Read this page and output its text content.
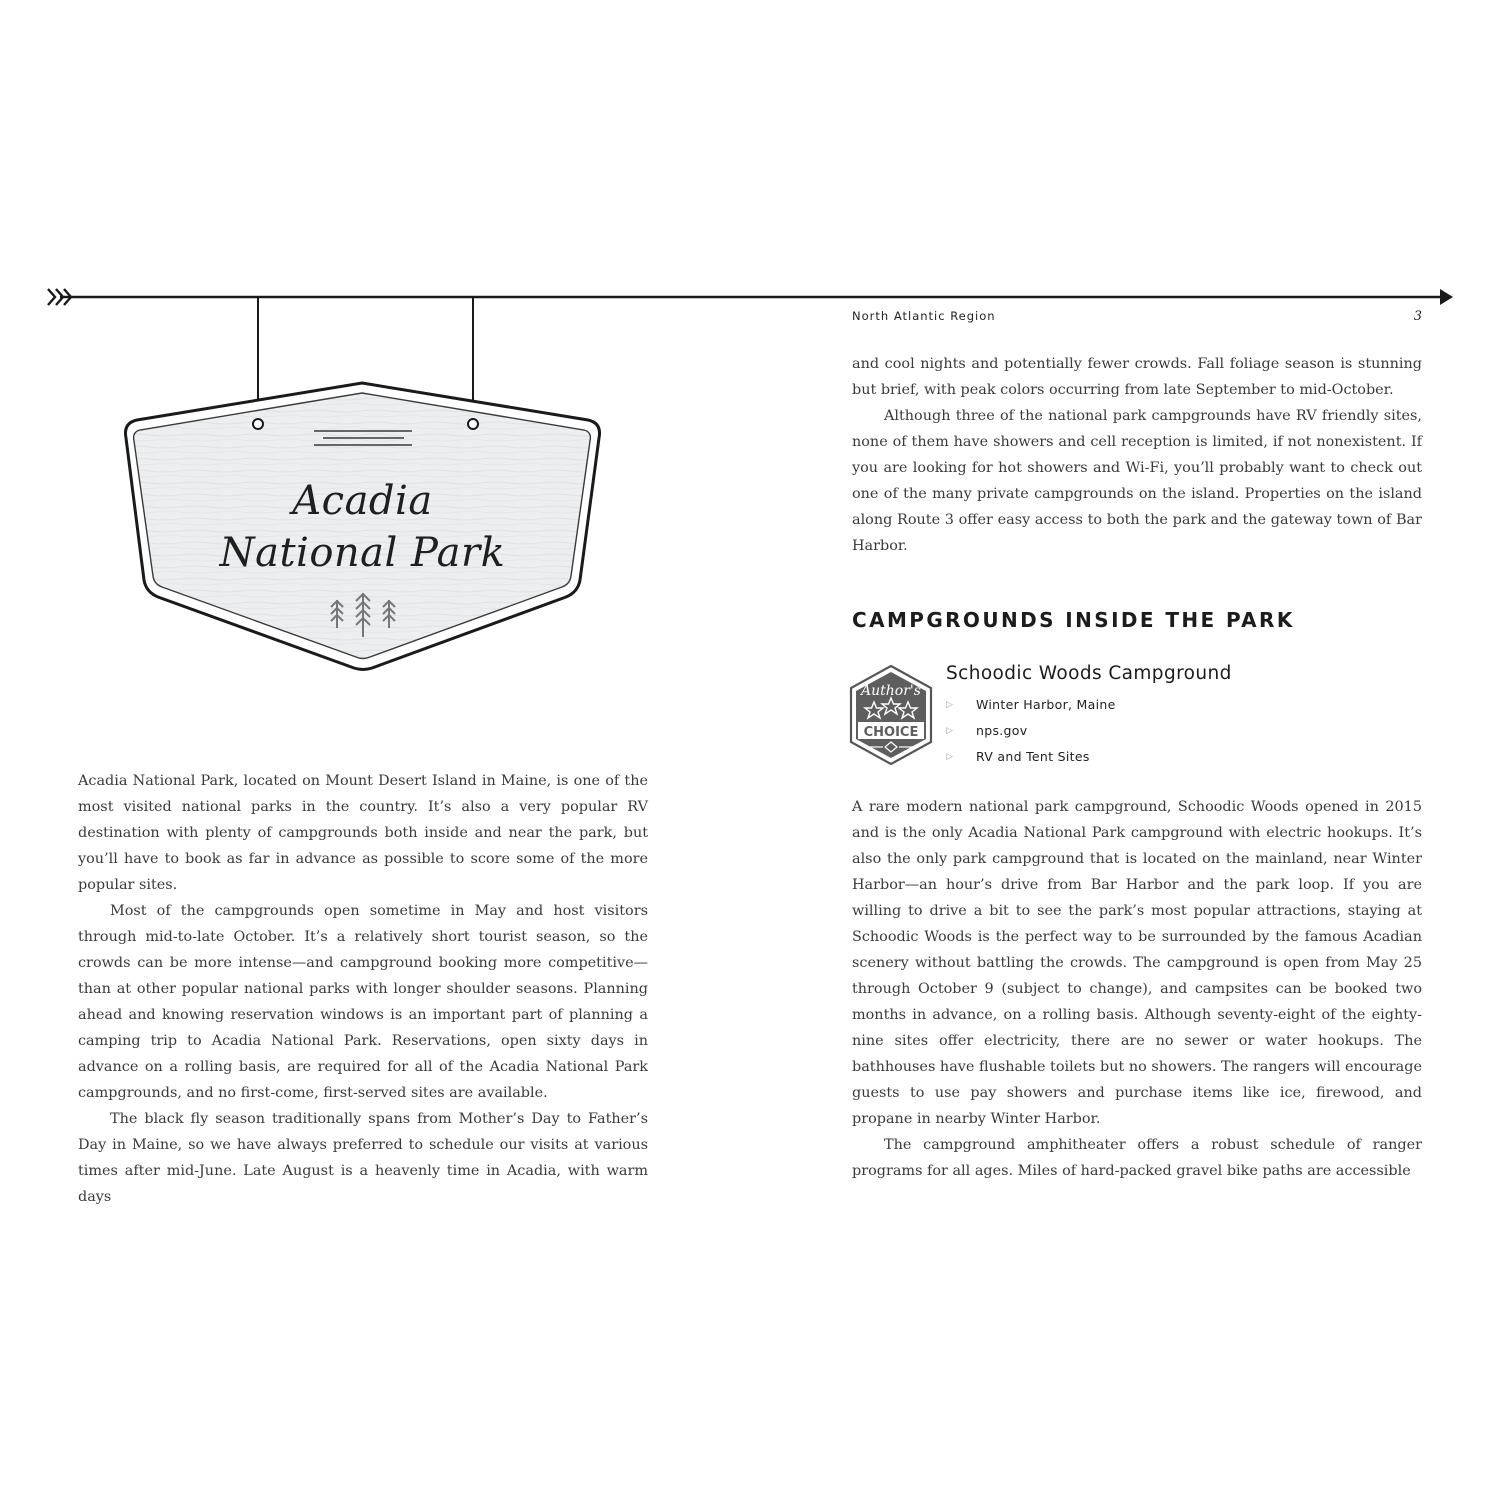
Acadia
National Park
North Atlantic Region	3

Acadia National Park, located on Mount Desert Island in Maine, is one of the most visited national parks in the country. It’s also a very popular RV destination with plenty of campgrounds both inside and near the park, but you’ll have to book as far in advance as possible to score some of the more popular sites.

Most of the campgrounds open sometime in May and host visitors through mid-to-late October. It’s a relatively short tourist season, so the crowds can be more intense—and campground booking more competitive—than at other popular national parks with longer shoulder seasons. Planning ahead and knowing reservation windows is an important part of planning a camping trip to Acadia National Park. Reservations, open sixty days in advance on a rolling basis, are required for all of the Acadia National Park campgrounds, and no first-come, first-served sites are available.

The black fly season traditionally spans from Mother’s Day to Father’s Day in Maine, so we have always preferred to schedule our visits at various times after mid-June. Late August is a heavenly time in Acadia, with warm days

and cool nights and potentially fewer crowds. Fall foliage season is stunning but brief, with peak colors occurring from late September to mid-October.

Although three of the national park campgrounds have RV friendly sites, none of them have showers and cell reception is limited, if not nonexistent. If you are looking for hot showers and Wi-Fi, you’ll probably want to check out one of the many private campgrounds on the island. Properties on the island along Route 3 offer easy access to both the park and the gateway town of Bar Harbor.

CAMPGROUNDS INSIDE THE PARK
Author's
CHOICE
Schoodic Woods Campground
▷ Winter Harbor, Maine
▷ nps.gov
▷ RV and Tent Sites

A rare modern national park campground, Schoodic Woods opened in 2015 and is the only Acadia National Park campground with electric hookups. It’s also the only park campground that is located on the mainland, near Winter Harbor—an hour’s drive from Bar Harbor and the park loop. If you are willing to drive a bit to see the park’s most popular attractions, staying at Schoodic Woods is the perfect way to be surrounded by the famous Acadian scenery without battling the crowds. The campground is open from May 25 through October 9 (subject to change), and campsites can be booked two months in advance, on a rolling basis. Although seventy-eight of the eighty-nine sites offer electricity, there are no sewer or water hookups. The bathhouses have flushable toilets but no showers. The rangers will encourage guests to use pay showers and purchase items like ice, firewood, and propane in nearby Winter Harbor.

The campground amphitheater offers a robust schedule of ranger programs for all ages. Miles of hard-packed gravel bike paths are accessible
